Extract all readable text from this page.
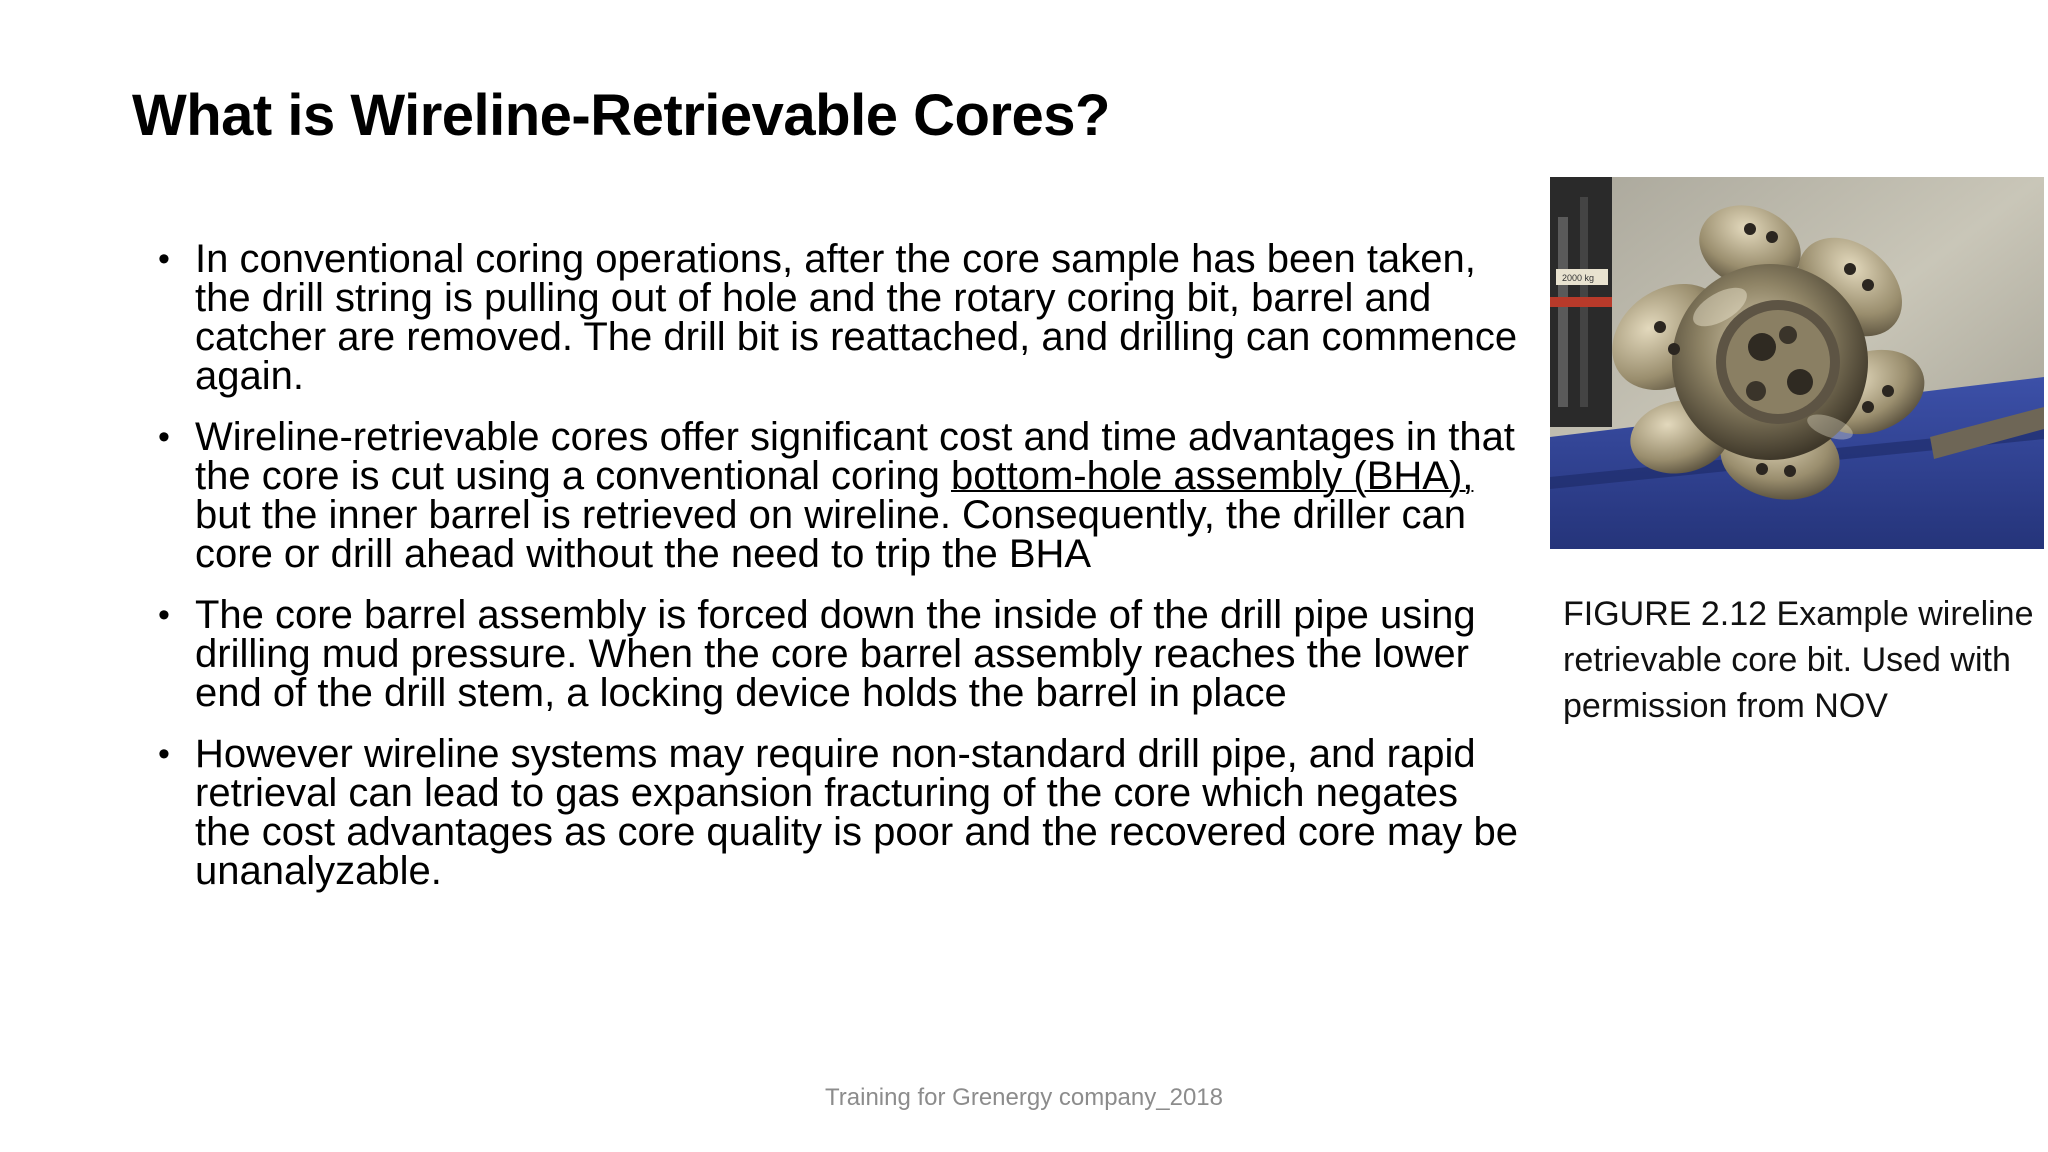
What is Wireline-Retrievable Cores?
• In conventional coring operations, after the core sample has been taken, the drill string is pulling out of hole and the rotary coring bit, barrel and catcher are removed. The drill bit is reattached, and drilling can commence again.
• Wireline-retrievable cores offer significant cost and time advantages in that the core is cut using a conventional coring bottom-hole assembly (BHA), but the inner barrel is retrieved on wireline. Consequently, the driller can core or drill ahead without the need to trip the BHA
• The core barrel assembly is forced down the inside of the drill pipe using drilling mud pressure. When the core barrel assembly reaches the lower end of the drill stem, a locking device holds the barrel in place
• However wireline systems may require non-standard drill pipe, and rapid retrieval can lead to gas expansion fracturing of the core which negates the cost advantages as core quality is poor and the recovered core may be unanalyzable.
2000 kg
FIGURE 2.12 Example wireline retrievable core bit. Used with permission from NOV
Training for Grenergy company_2018
